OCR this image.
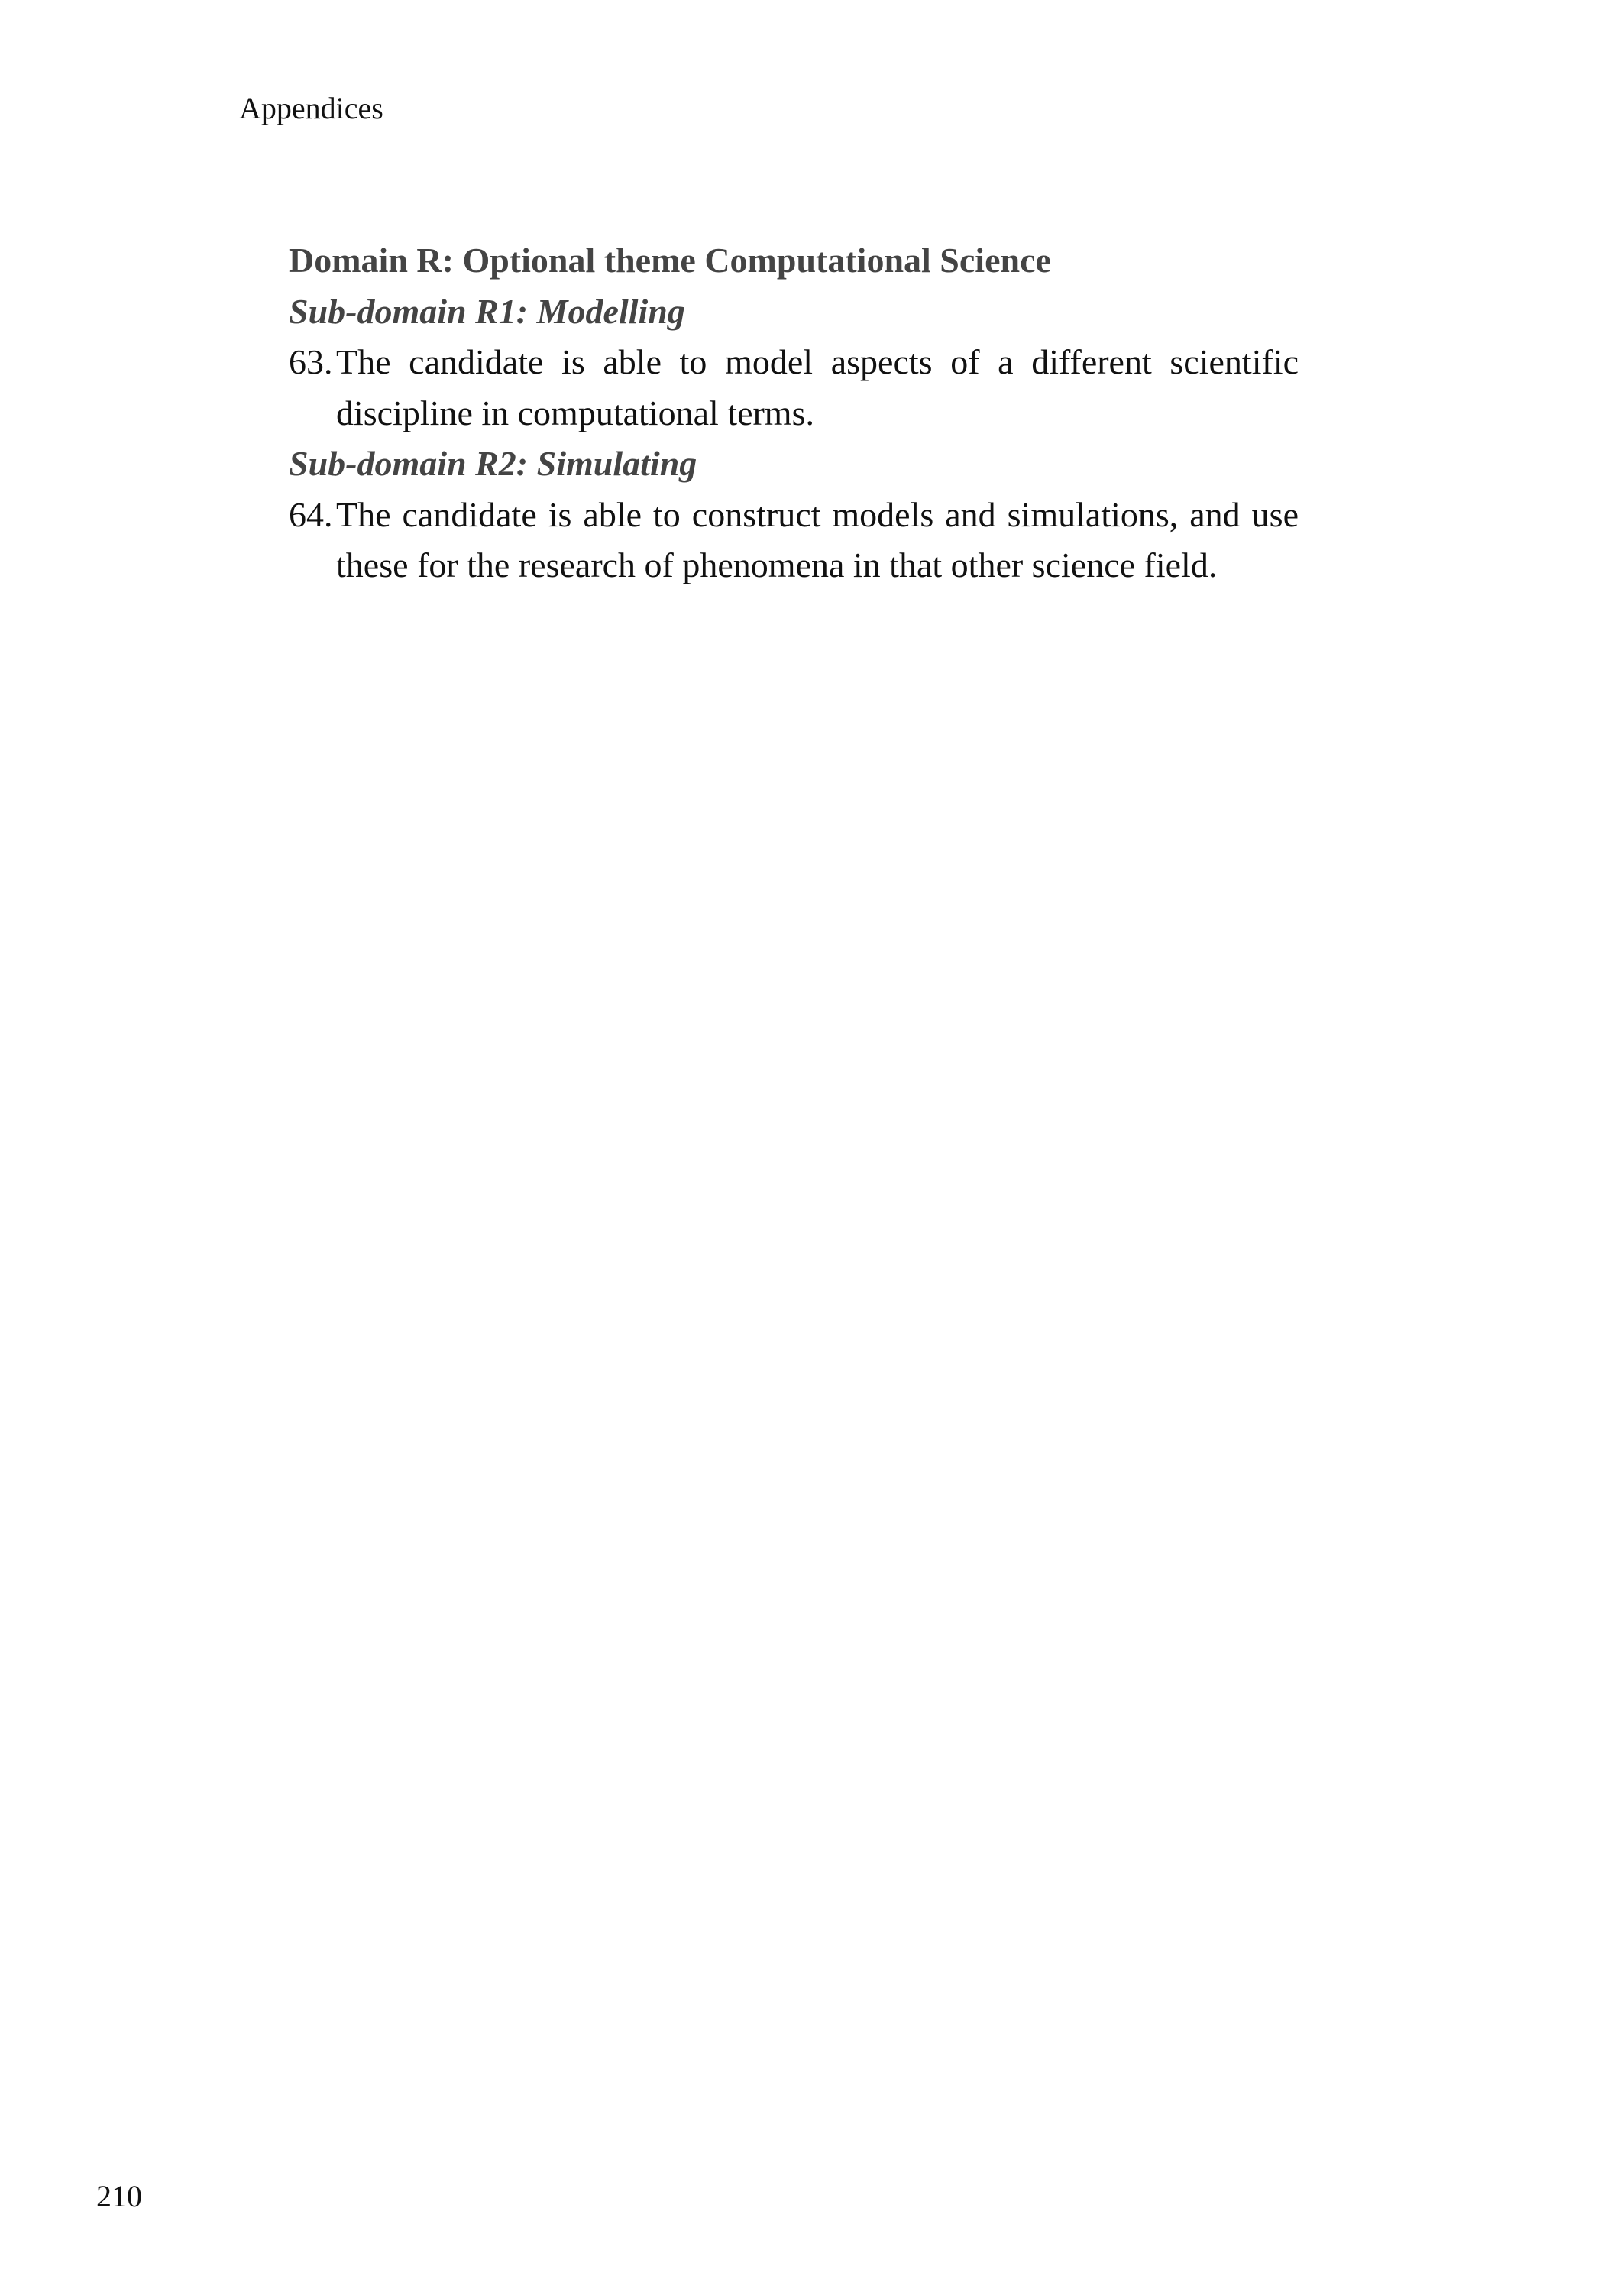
Appendices
Domain R: Optional theme Computational Science
Sub-domain R1: Modelling

63. The candidate is able to model aspects of a different scientific discipline in computational terms.

Sub-domain R2: Simulating

64. The candidate is able to construct models and simulations, and use these for the research of phenomena in that other science field.

210
